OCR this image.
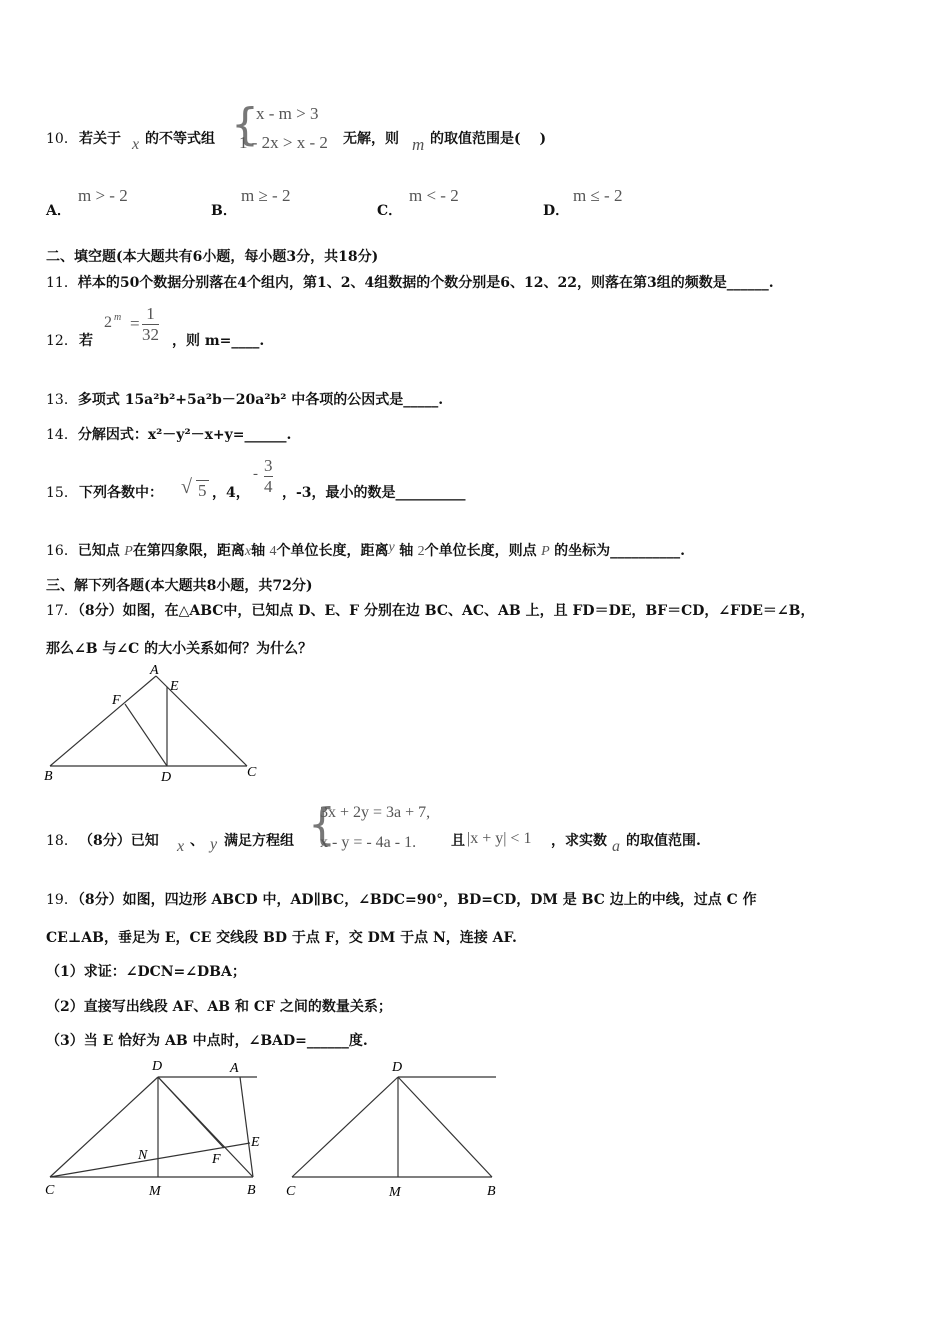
10． 若关于 x 的不等式组 {
x - m > 3
1 - 2x > x - 2 无解，则 m 的取值范围是(　 )
A．
m > - 2
B．
m ≥ - 2
C．
m < - 2
D．
m ≤ - 2
二、填空题(本大题共有6小题，每小题3分，共18分)
11．样本的50个数据分别落在4个组内，第1、2、4组数据的个数分别是6、12、22，则落在第3组的频数是______.
12． 若
2 $m = \frac{1}{32}$ ，则 m=____.
13．多项式 15a²b²+5a²b－20a²b² 中各项的公因式是_____.
14．分解因式：x²－y²－x+y=______.
15． 下列各数中： √ 5 ，4，
- $\frac{3}{4}$ ，-3，最小的数是__________
16．已知点 P在第四象限，距离x轴 4个单位长度，距离y 轴 2个单位长度，则点 P 的坐标为__________.
三、解下列各题(本大题共8小题，共72分)
17．（8分）如图，在△ABC中，已知点 D、E、F 分别在边 BC、AC、AB 上，且 FD＝DE，BF＝CD，∠FDE＝∠B，
那么∠B 与∠C 的大小关系如何？为什么？
A
E
F
B	D	C
18． （8分）已知 x 、 y 满足方程组 {
3x + 2y = 3a + 7,
x - y = - 4a - 1. 且 |x + y| < 1 ，求实数 a 的取值范围.
19．（8分）如图，四边形 ABCD 中，AD∥BC，∠BDC=90°，BD=CD，DM 是 BC 边上的中线，过点 C 作
CE⊥AB，垂足为 E，CE 交线段 BD 于点 F，交 DM 于点 N，连接 AF.
（1）求证：∠DCN=∠DBA；
（2）直接写出线段 AF、AB 和 CF 之间的数量关系；
（3）当 E 恰好为 AB 中点时，∠BAD=______度.
D	A
E
N	F
C	M	B
D
C	M	B
